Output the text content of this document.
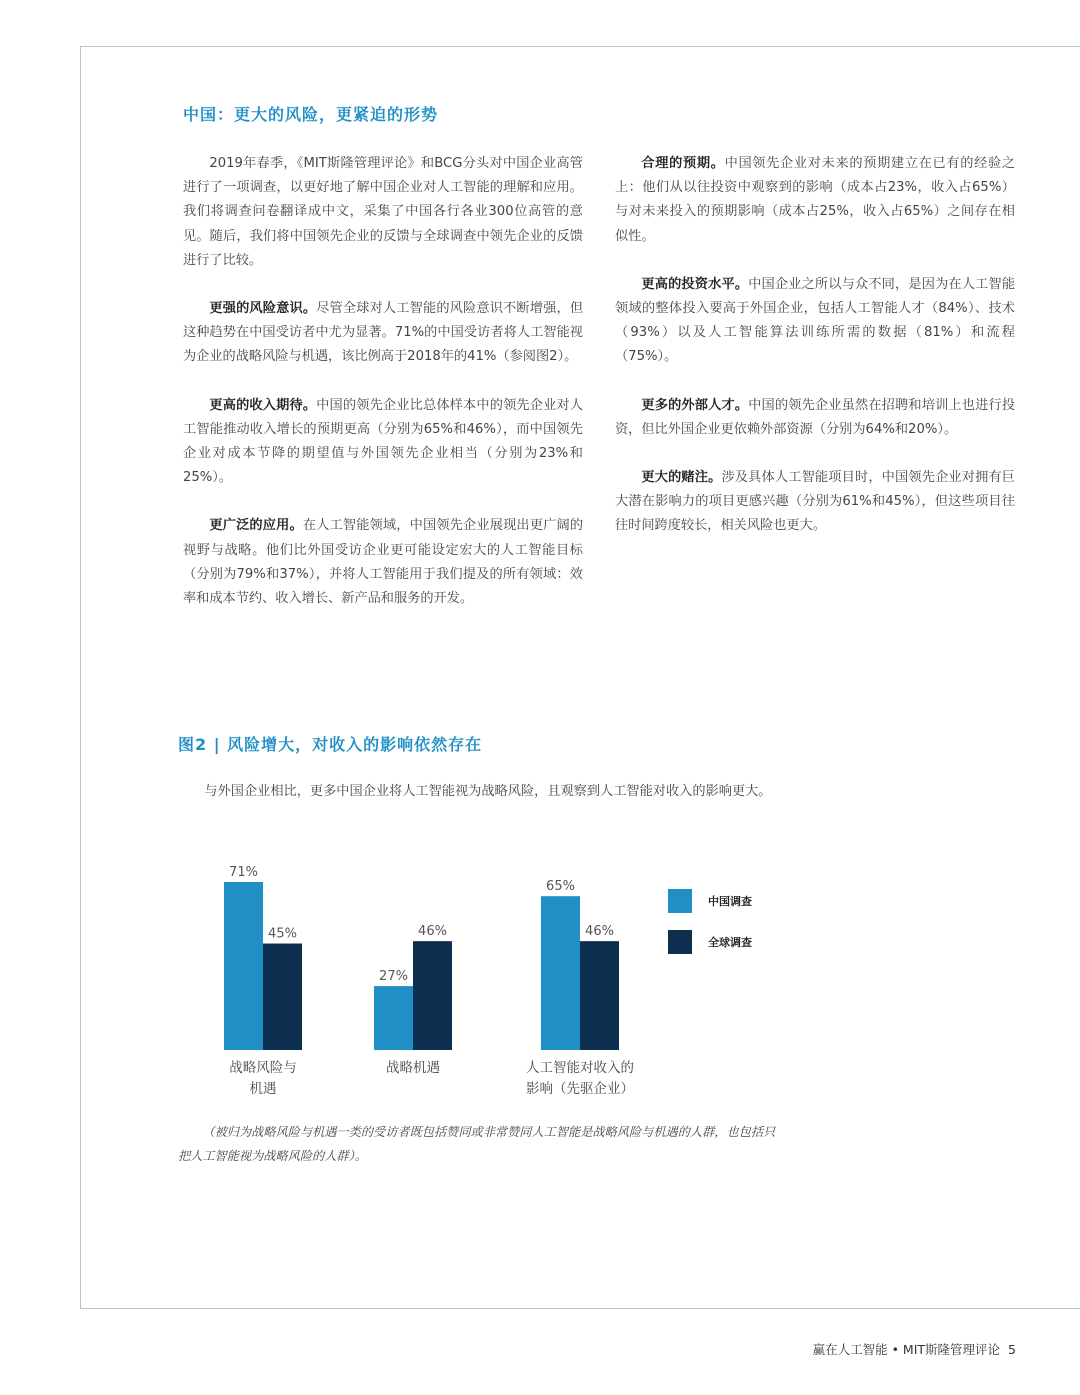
中国：更大的风险，更紧迫的形势

2019年春季，《MIT斯隆管理评论》和BCG分头对中国企业高管进行了一项调查，以更好地了解中国企业对人工智能的理解和应用。我们将调查问卷翻译成中文，采集了中国各行各业300位高管的意见。随后，我们将中国领先企业的反馈与全球调查中领先企业的反馈进行了比较。

更强的风险意识。尽管全球对人工智能的风险意识不断增强，但这种趋势在中国受访者中尤为显著。71%的中国受访者将人工智能视为企业的战略风险与机遇，该比例高于2018年的41%（参阅图2）。

更高的收入期待。中国的领先企业比总体样本中的领先企业对人工智能推动收入增长的预期更高（分别为65%和46%），而中国领先企业对成本节降的期望值与外国领先企业相当（分别为23%和25%）。

更广泛的应用。在人工智能领域，中国领先企业展现出更广阔的视野与战略。他们比外国受访企业更可能设定宏大的人工智能目标（分别为79%和37%），并将人工智能用于我们提及的所有领域：效率和成本节约、收入增长、新产品和服务的开发。

合理的预期。中国领先企业对未来的预期建立在已有的经验之上：他们从以往投资中观察到的影响（成本占23%，收入占65%）与对未来投入的预期影响（成本占25%，收入占65%）之间存在相似性。

更高的投资水平。中国企业之所以与众不同，是因为在人工智能领域的整体投入要高于外国企业，包括人工智能人才（84%）、技术（93%）以及人工智能算法训练所需的数据（81%）和流程（75%）。

更多的外部人才。中国的领先企业虽然在招聘和培训上也进行投资，但比外国企业更依赖外部资源（分别为64%和20%）。

更大的赌注。涉及具体人工智能项目时，中国领先企业对拥有巨大潜在影响力的项目更感兴趣（分别为61%和45%），但这些项目往往时间跨度较长，相关风险也更大。

图2 | 风险增大，对收入的影响依然存在
与外国企业相比，更多中国企业将人工智能视为战略风险，且观察到人工智能对收入的影响更大。
71%
45%
战略风险与
机遇
27%
46%
战略机遇
65%
46%
人工智能对收入的
影响（先驱企业）
中国调查
全球调查
（被归为战略风险与机遇一类的受访者既包括赞同或非常赞同人工智能是战略风险与机遇的人群，也包括只把人工智能视为战略风险的人群）。
赢在人工智能 • MIT斯隆管理评论 5
